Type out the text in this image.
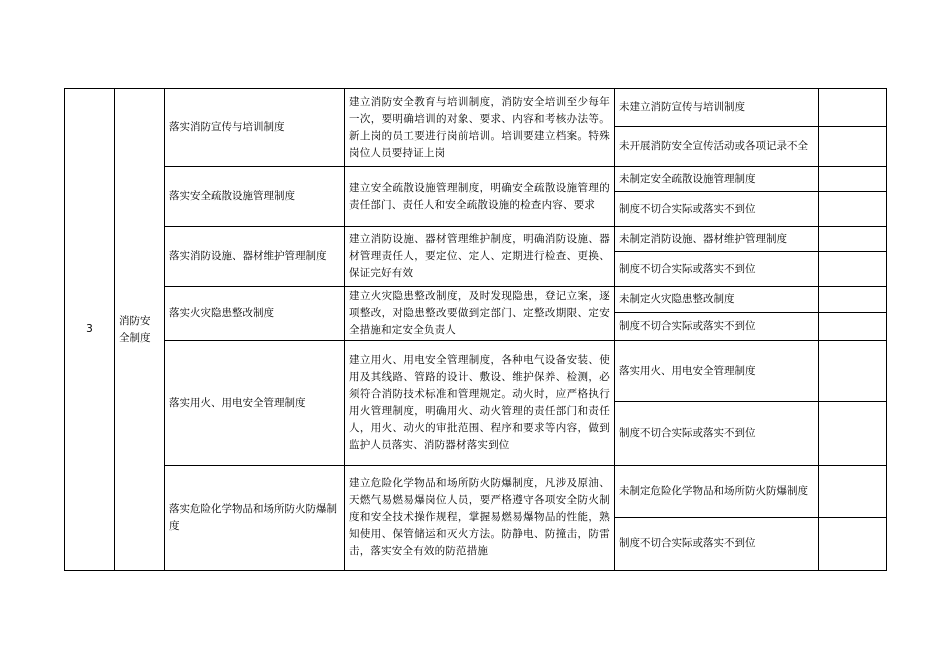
3	消防安全制度	落实消防宣传与培训制度	建立消防安全教育与培训制度，消防安全培训至少每年一次，要明确培训的对象、要求、内容和考核办法等。新上岗的员工要进行岗前培训。培训要建立档案。特殊岗位人员要持证上岗	未建立消防宣传与培训制度	
				未开展消防安全宣传活动或各项记录不全	
		落实安全疏散设施管理制度	建立安全疏散设施管理制度，明确安全疏散设施管理的责任部门、责任人和安全疏散设施的检查内容、要求	未制定安全疏散设施管理制度	
				制度不切合实际或落实不到位	
		落实消防设施、器材维护管理制度	建立消防设施、器材管理维护制度，明确消防设施、器材管理责任人，要定位、定人、定期进行检查、更换、保证完好有效	未制定消防设施、器材维护管理制度	
				制度不切合实际或落实不到位	
		落实火灾隐患整改制度	建立火灾隐患整改制度，及时发现隐患，登记立案，逐项整改，对隐患整改要做到定部门、定整改期限、定安全措施和定安全负责人	未制定火灾隐患整改制度	
				制度不切合实际或落实不到位	
		落实用火、用电安全管理制度	建立用火、用电安全管理制度，各种电气设备安装、使用及其线路、管路的设计、敷设、维护保养、检测，必须符合消防技术标准和管理规定。动火时，应严格执行用火管理制度，明确用火、动火管理的责任部门和责任人，用火、动火的审批范围、程序和要求等内容，做到监护人员落实、消防器材落实到位	落实用火、用电安全管理制度	
				制度不切合实际或落实不到位	
		落实危险化学物品和场所防火防爆制度	建立危险化学物品和场所防火防爆制度，凡涉及原油、天燃气易燃易爆岗位人员，要严格遵守各项安全防火制度和安全技术操作规程，掌握易燃易爆物品的性能，熟知使用、保管储运和灭火方法。防静电、防撞击，防雷击，落实安全有效的防范措施	未制定危险化学物品和场所防火防爆制度	
				制度不切合实际或落实不到位	
